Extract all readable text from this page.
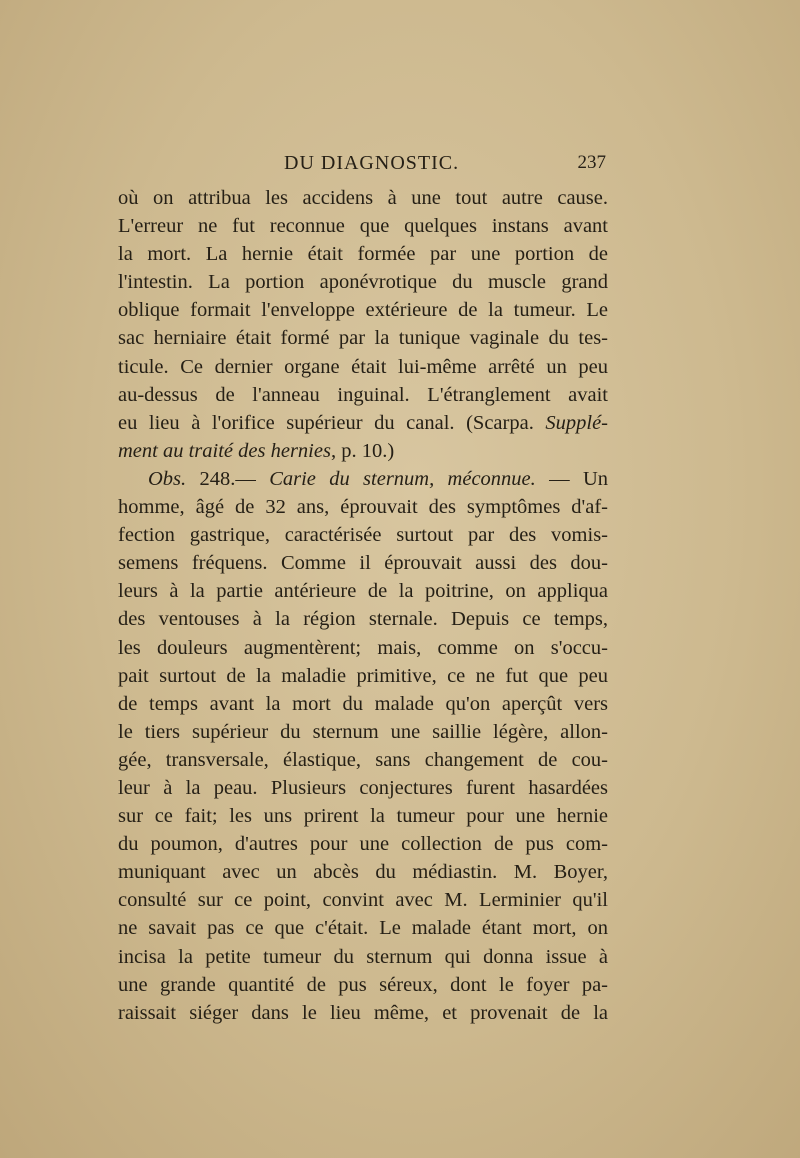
DU DIAGNOSTIC.	237
où on attribua les accidens à une tout autre cause.
L'erreur ne fut reconnue que quelques instans avant
la mort. La hernie était formée par une portion de
l'intestin. La portion aponévrotique du muscle grand
oblique formait l'enveloppe extérieure de la tumeur. Le
sac herniaire était formé par la tunique vaginale du tes-
ticule. Ce dernier organe était lui-même arrêté un peu
au-dessus de l'anneau inguinal. L'étranglement avait
eu lieu à l'orifice supérieur du canal. (Scarpa. Supplé-
ment au traité des hernies, p. 10.)
Obs. 248.— Carie du sternum, méconnue. — Un
homme, âgé de 32 ans, éprouvait des symptômes d'af-
fection gastrique, caractérisée surtout par des vomis-
semens fréquens. Comme il éprouvait aussi des dou-
leurs à la partie antérieure de la poitrine, on appliqua
des ventouses à la région sternale. Depuis ce temps,
les douleurs augmentèrent; mais, comme on s'occu-
pait surtout de la maladie primitive, ce ne fut que peu
de temps avant la mort du malade qu'on aperçût vers
le tiers supérieur du sternum une saillie légère, allon-
gée, transversale, élastique, sans changement de cou-
leur à la peau. Plusieurs conjectures furent hasardées
sur ce fait; les uns prirent la tumeur pour une hernie
du poumon, d'autres pour une collection de pus com-
muniquant avec un abcès du médiastin. M. Boyer,
consulté sur ce point, convint avec M. Lerminier qu'il
ne savait pas ce que c'était. Le malade étant mort, on
incisa la petite tumeur du sternum qui donna issue à
une grande quantité de pus séreux, dont le foyer pa-
raissait siéger dans le lieu même, et provenait de la
